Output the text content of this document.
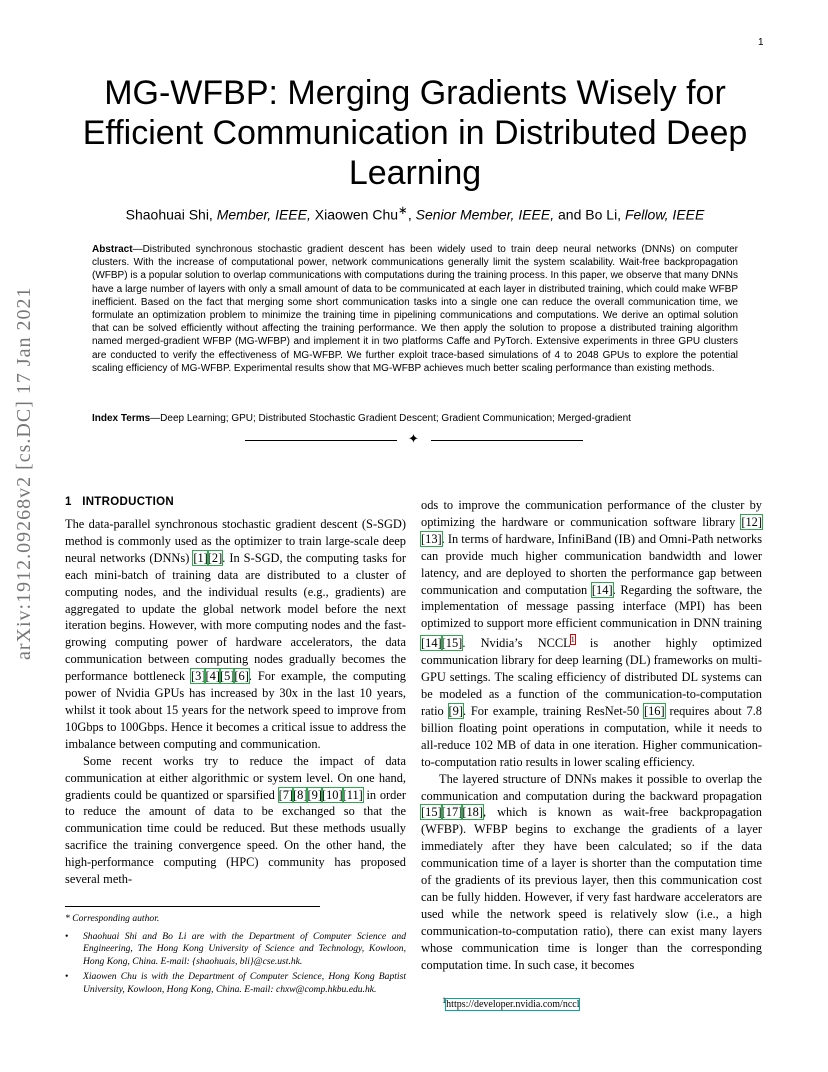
1
arXiv:1912.09268v2 [cs.DC] 17 Jan 2021
MG-WFBP: Merging Gradients Wisely for Efficient Communication in Distributed Deep Learning
Shaohuai Shi, Member, IEEE, Xiaowen Chu∗, Senior Member, IEEE, and Bo Li, Fellow, IEEE
Abstract—Distributed synchronous stochastic gradient descent has been widely used to train deep neural networks (DNNs) on computer clusters. With the increase of computational power, network communications generally limit the system scalability. Wait-free backpropagation (WFBP) is a popular solution to overlap communications with computations during the training process. In this paper, we observe that many DNNs have a large number of layers with only a small amount of data to be communicated at each layer in distributed training, which could make WFBP inefficient. Based on the fact that merging some short communication tasks into a single one can reduce the overall communication time, we formulate an optimization problem to minimize the training time in pipelining communications and computations. We derive an optimal solution that can be solved efficiently without affecting the training performance. We then apply the solution to propose a distributed training algorithm named merged-gradient WFBP (MG-WFBP) and implement it in two platforms Caffe and PyTorch. Extensive experiments in three GPU clusters are conducted to verify the effectiveness of MG-WFBP. We further exploit trace-based simulations of 4 to 2048 GPUs to explore the potential scaling efficiency of MG-WFBP. Experimental results show that MG-WFBP achieves much better scaling performance than existing methods.
Index Terms—Deep Learning; GPU; Distributed Stochastic Gradient Descent; Gradient Communication; Merged-gradient
✦
1 INTRODUCTION

The data-parallel synchronous stochastic gradient descent (S-SGD) method is commonly used as the optimizer to train large-scale deep neural networks (DNNs) [1][2]. In S-SGD, the computing tasks for each mini-batch of training data are distributed to a cluster of computing nodes, and the individual results (e.g., gradients) are aggregated to update the global network model before the next iteration begins. However, with more computing nodes and the fast-growing computing power of hardware accelerators, the data communication between computing nodes gradually becomes the performance bottleneck [3][4][5][6]. For example, the computing power of Nvidia GPUs has increased by 30x in the last 10 years, whilst it took about 15 years for the network speed to improve from 10Gbps to 100Gbps. Hence it becomes a critical issue to address the imbalance between computing and communication.

Some recent works try to reduce the impact of data communication at either algorithmic or system level. On one hand, gradients could be quantized or sparsified [7][8][9][10][11] in order to reduce the amount of data to be exchanged so that the communication time could be reduced. But these methods usually sacrifice the training convergence speed. On the other hand, the high-performance computing (HPC) community has proposed several meth-

ods to improve the communication performance of the cluster by optimizing the hardware or communication software library [12][13]. In terms of hardware, InfiniBand (IB) and Omni-Path networks can provide much higher communication bandwidth and lower latency, and are deployed to shorten the performance gap between communication and computation [14]. Regarding the software, the implementation of message passing interface (MPI) has been optimized to support more efficient communication in DNN training [14][15]. Nvidia’s NCCL$^1$ is another highly optimized communication library for deep learning (DL) frameworks on multi-GPU settings. The scaling efficiency of distributed DL systems can be modeled as a function of the communication-to-computation ratio [9]. For example, training ResNet-50 [16] requires about 7.8 billion floating point operations in computation, while it needs to all-reduce 102 MB of data in one iteration. Higher communication-to-computation ratio results in lower scaling efficiency.

The layered structure of DNNs makes it possible to overlap the communication and computation during the backward propagation [15][17][18], which is known as wait-free backpropagation (WFBP). WFBP begins to exchange the gradients of a layer immediately after they have been calculated; so if the data communication time of a layer is shorter than the computation time of the gradients of its previous layer, then this communication cost can be fully hidden. However, if very fast hardware accelerators are used while the network speed is relatively slow (i.e., a high communication-to-computation ratio), there can exist many layers whose communication time is longer than the corresponding computation time. In such case, it becomes

* Corresponding author.
• Shaohuai Shi and Bo Li are with the Department of Computer Science and Engineering, The Hong Kong University of Science and Technology, Kowloon, Hong Kong, China. E-mail: {shaohuais, bli}@cse.ust.hk.
• Xiaowen Chu is with the Department of Computer Science, Hong Kong Baptist University, Kowloon, Hong Kong, China. E-mail: chxw@comp.hkbu.edu.hk.
$^1$https://developer.nvidia.com/nccl
